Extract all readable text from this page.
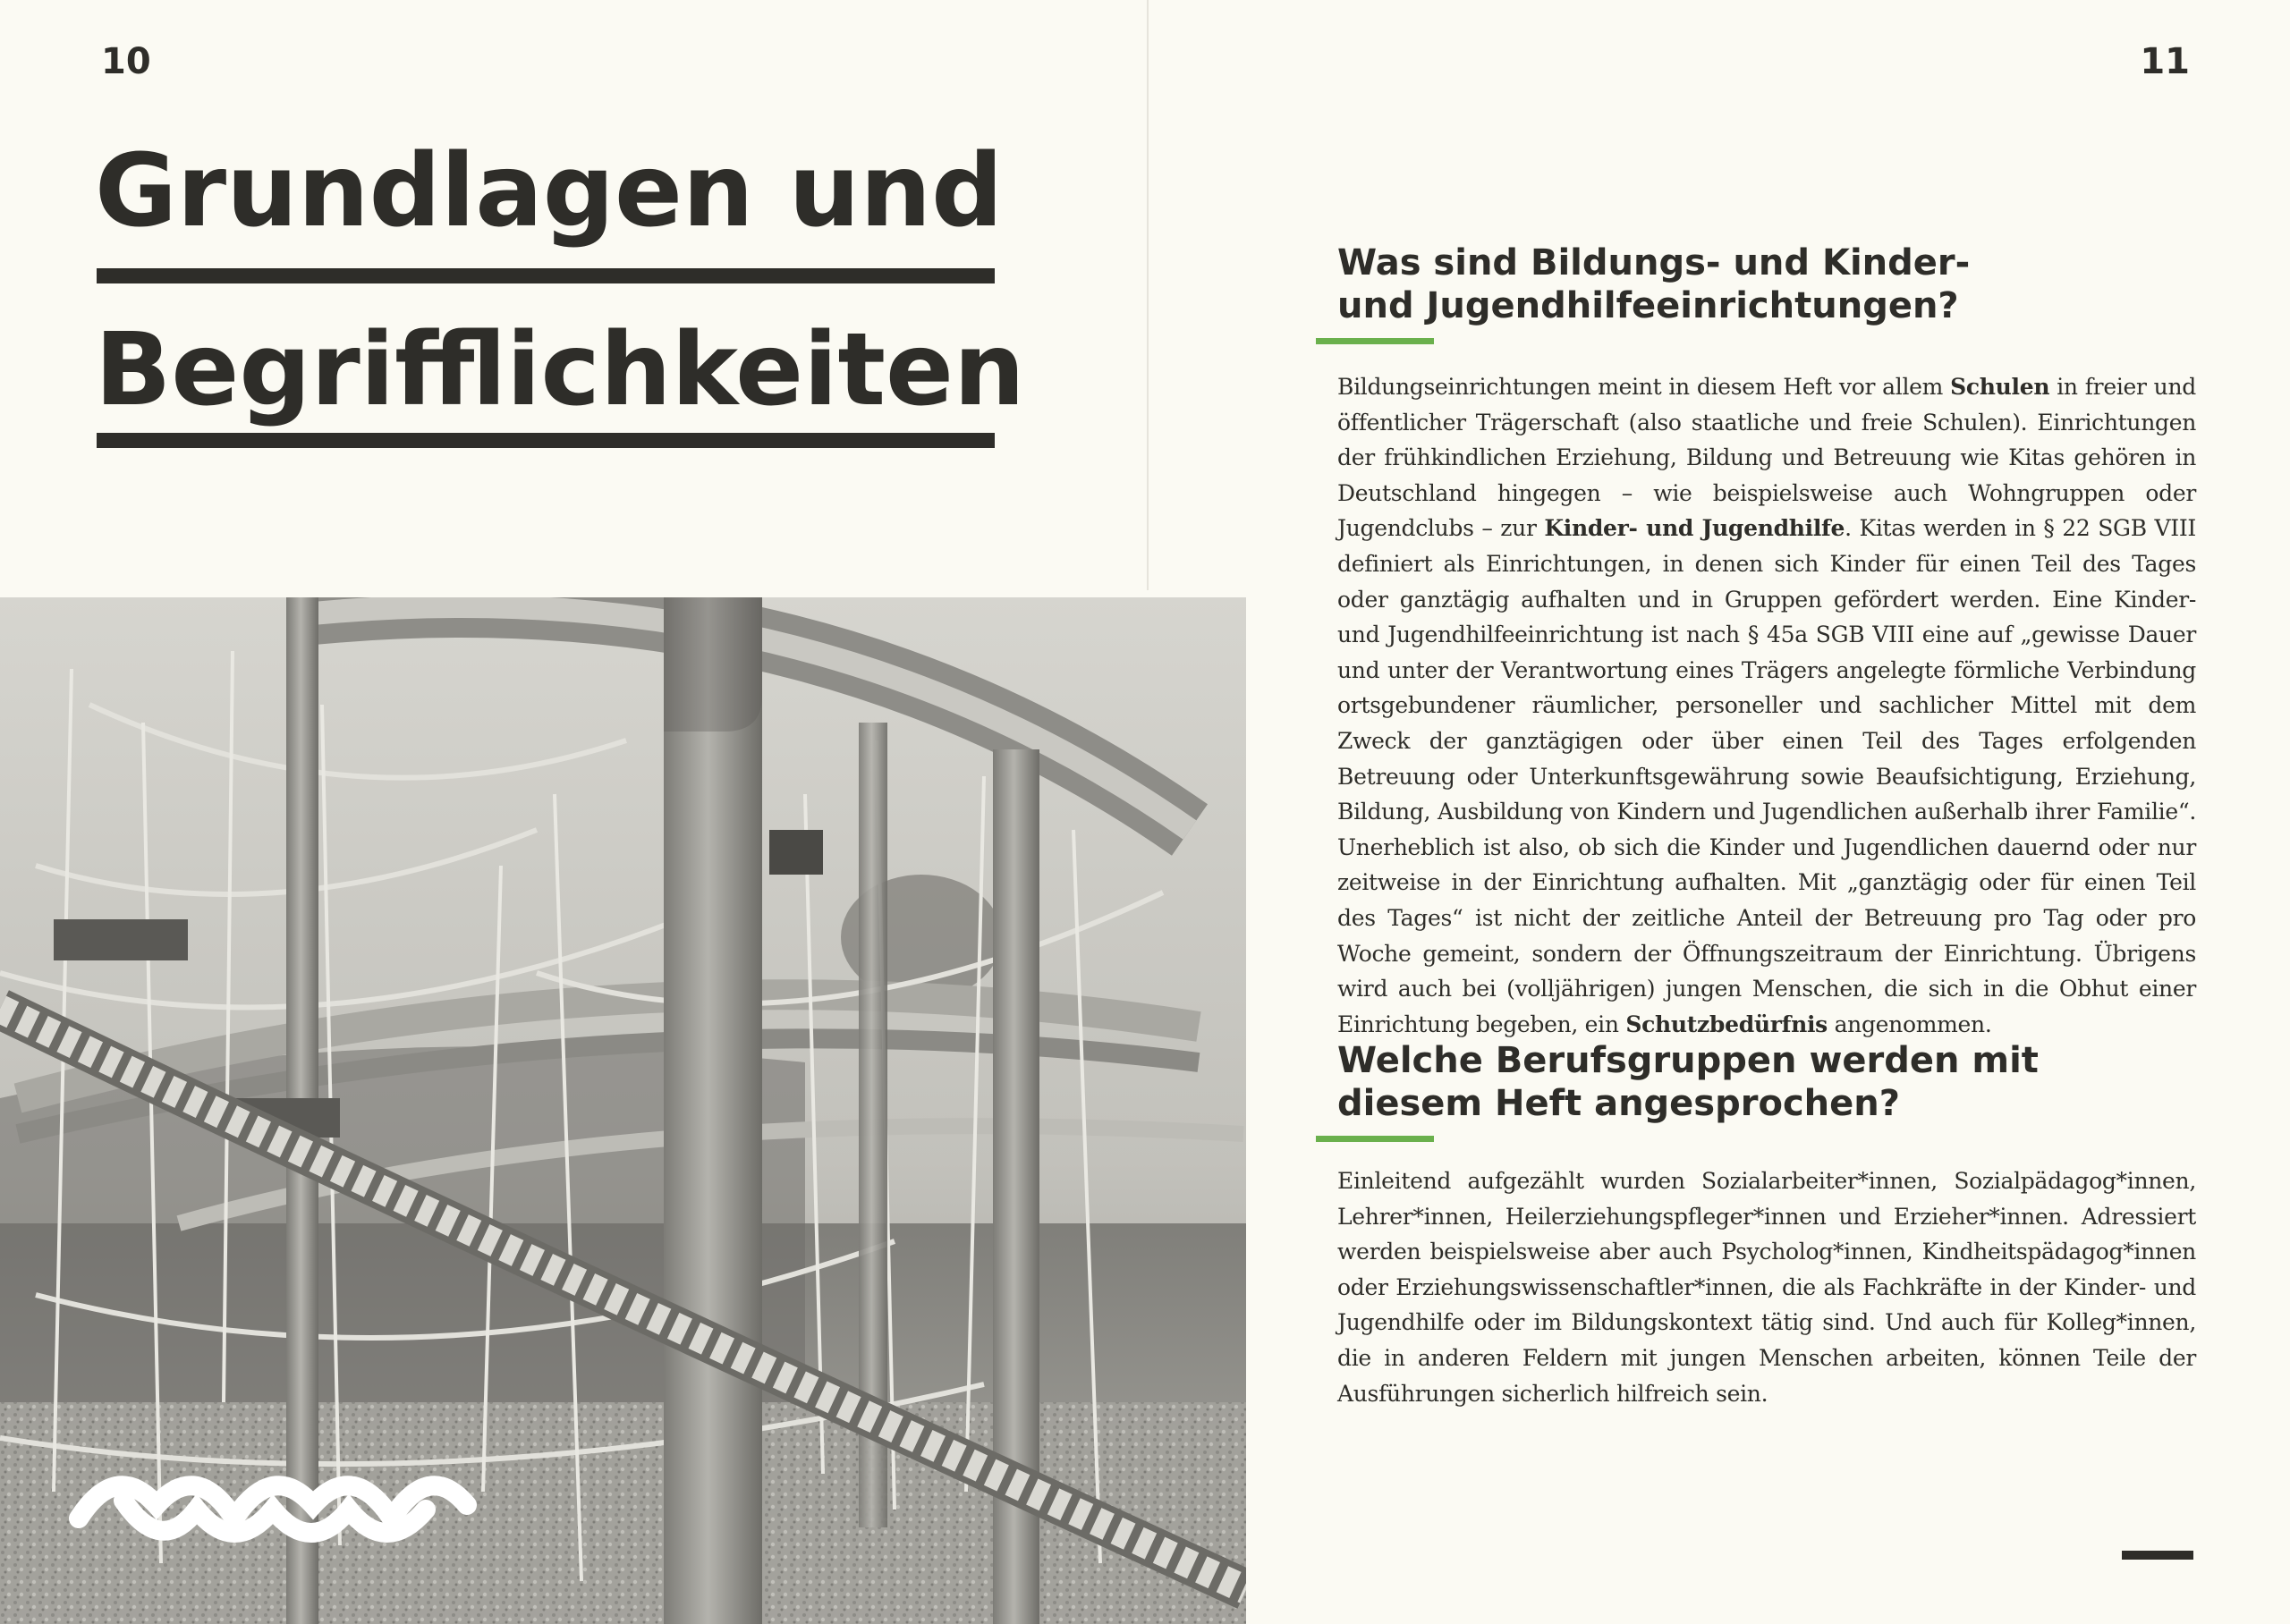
10	11
Grundlagen und
Begrifflichkeiten
Was sind Bildungs- und Kinder-
und Jugendhilfeeinrichtungen?

Bildungseinrichtungen meint in diesem Heft vor allem Schulen in freier und öffentlicher Trägerschaft (also staatliche und freie Schulen). Einrichtungen der frühkindlichen Erziehung, Bildung und Betreuung wie Kitas gehören in Deutschland hingegen – wie beispielsweise auch Wohngruppen oder Jugendclubs – zur Kinder- und Jugendhilfe. Kitas werden in § 22 SGB VIII definiert als Einrichtungen, in denen sich Kinder für einen Teil des Tages oder ganztägig aufhalten und in Gruppen gefördert werden. Eine Kinder- und Jugendhilfeeinrichtung ist nach § 45a SGB VIII eine auf „gewisse Dauer und unter der Verantwortung eines Trägers angelegte förmliche Verbindung ortsgebundener räumlicher, personeller und sachlicher Mittel mit dem Zweck der ganztägigen oder über einen Teil des Tages erfolgenden Betreuung oder Unterkunftsgewährung sowie Beaufsichtigung, Erziehung, Bildung, Ausbildung von Kindern und Jugendlichen außerhalb ihrer Familie“. Unerheblich ist also, ob sich die Kinder und Jugendlichen dauernd oder nur zeitweise in der Einrichtung aufhalten. Mit „ganztägig oder für einen Teil des Tages“ ist nicht der zeitliche Anteil der Betreuung pro Tag oder pro Woche gemeint, sondern der Öffnungszeitraum der Einrichtung. Übrigens wird auch bei (volljährigen) jungen Menschen, die sich in die Obhut einer Einrichtung begeben, ein Schutzbedürfnis angenommen.

Welche Berufsgruppen werden mit
diesem Heft angesprochen?

Einleitend aufgezählt wurden Sozialarbeiter*innen, Sozialpädagog*innen, Lehrer*innen, Heilerziehungspfleger*innen und Erzieher*innen. Adressiert werden beispielsweise aber auch Psycholog*innen, Kindheitspädagog*innen oder Erziehungswissenschaftler*innen, die als Fachkräfte in der Kinder- und Jugendhilfe oder im Bildungskontext tätig sind. Und auch für Kolleg*innen, die in anderen Feldern mit jungen Menschen arbeiten, können Teile der Ausführungen sicherlich hilfreich sein.
